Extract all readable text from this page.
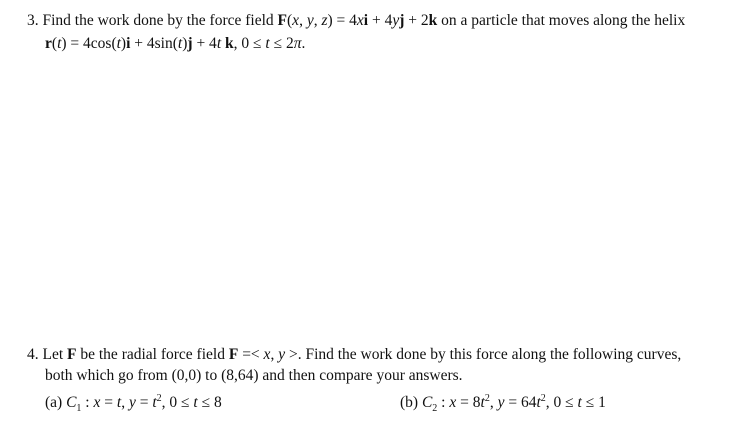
3. Find the work done by the force field F(x, y, z) = 4xi + 4yj + 2k on a particle that moves along the helix
r(t) = 4cos(t)i + 4sin(t)j + 4t k, 0 ≤ t ≤ 2π.
4. Let F be the radial force field F =< x, y >. Find the work done by this force along the following curves,
both which go from (0,0) to (8,64) and then compare your answers.
(a) $C_1$ : x = t, $y = t^2$, 0 ≤ t ≤ 8	(b) $C_2$ : $x = 8t^2$, $y = 64t^2$, 0 ≤ t ≤ 1
